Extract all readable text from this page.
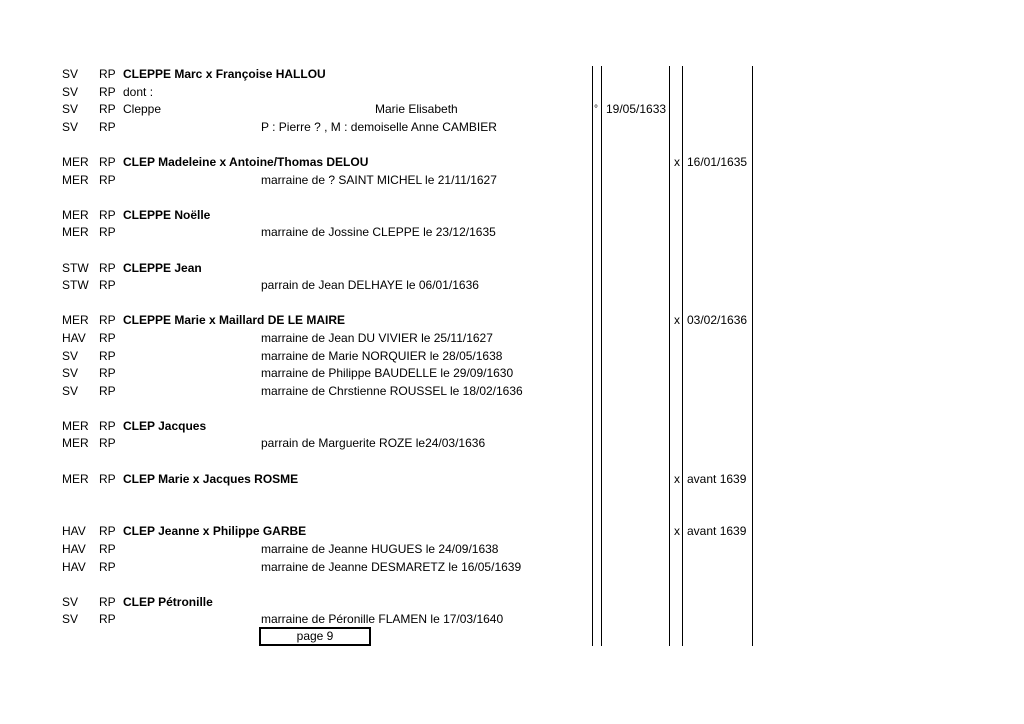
SV RP CLEPPE Marc x Françoise HALLOU
SV RP dont :
SV RP Cleppe	Marie Elisabeth	° 19/05/1633
SV RP	P : Pierre ? , M : demoiselle Anne CAMBIER
MER RP CLEP Madeleine x Antoine/Thomas DELOU	x 16/01/1635
MER RP	marraine de ? SAINT MICHEL le 21/11/1627
MER RP CLEPPE Noëlle
MER RP	marraine de Jossine CLEPPE le 23/12/1635
STW RP CLEPPE Jean
STW RP	parrain de Jean DELHAYE le 06/01/1636
MER RP CLEPPE Marie x Maillard DE LE MAIRE	x 03/02/1636
HAV RP	marraine de Jean DU VIVIER le 25/11/1627
SV RP	marraine de Marie NORQUIER le 28/05/1638
SV RP	marraine de Philippe BAUDELLE le 29/09/1630
SV RP	marraine de Chrstienne ROUSSEL le 18/02/1636
MER RP CLEP Jacques
MER RP	parrain de Marguerite ROZE le24/03/1636
MER RP CLEP Marie x Jacques ROSME	x avant 1639
HAV RP CLEP Jeanne x Philippe GARBE	x avant 1639
HAV RP	marraine de Jeanne HUGUES le 24/09/1638
HAV RP	marraine de Jeanne DESMARETZ le 16/05/1639
SV RP CLEP Pétronille
SV RP	marraine de Péronille FLAMEN le 17/03/1640
page 9
